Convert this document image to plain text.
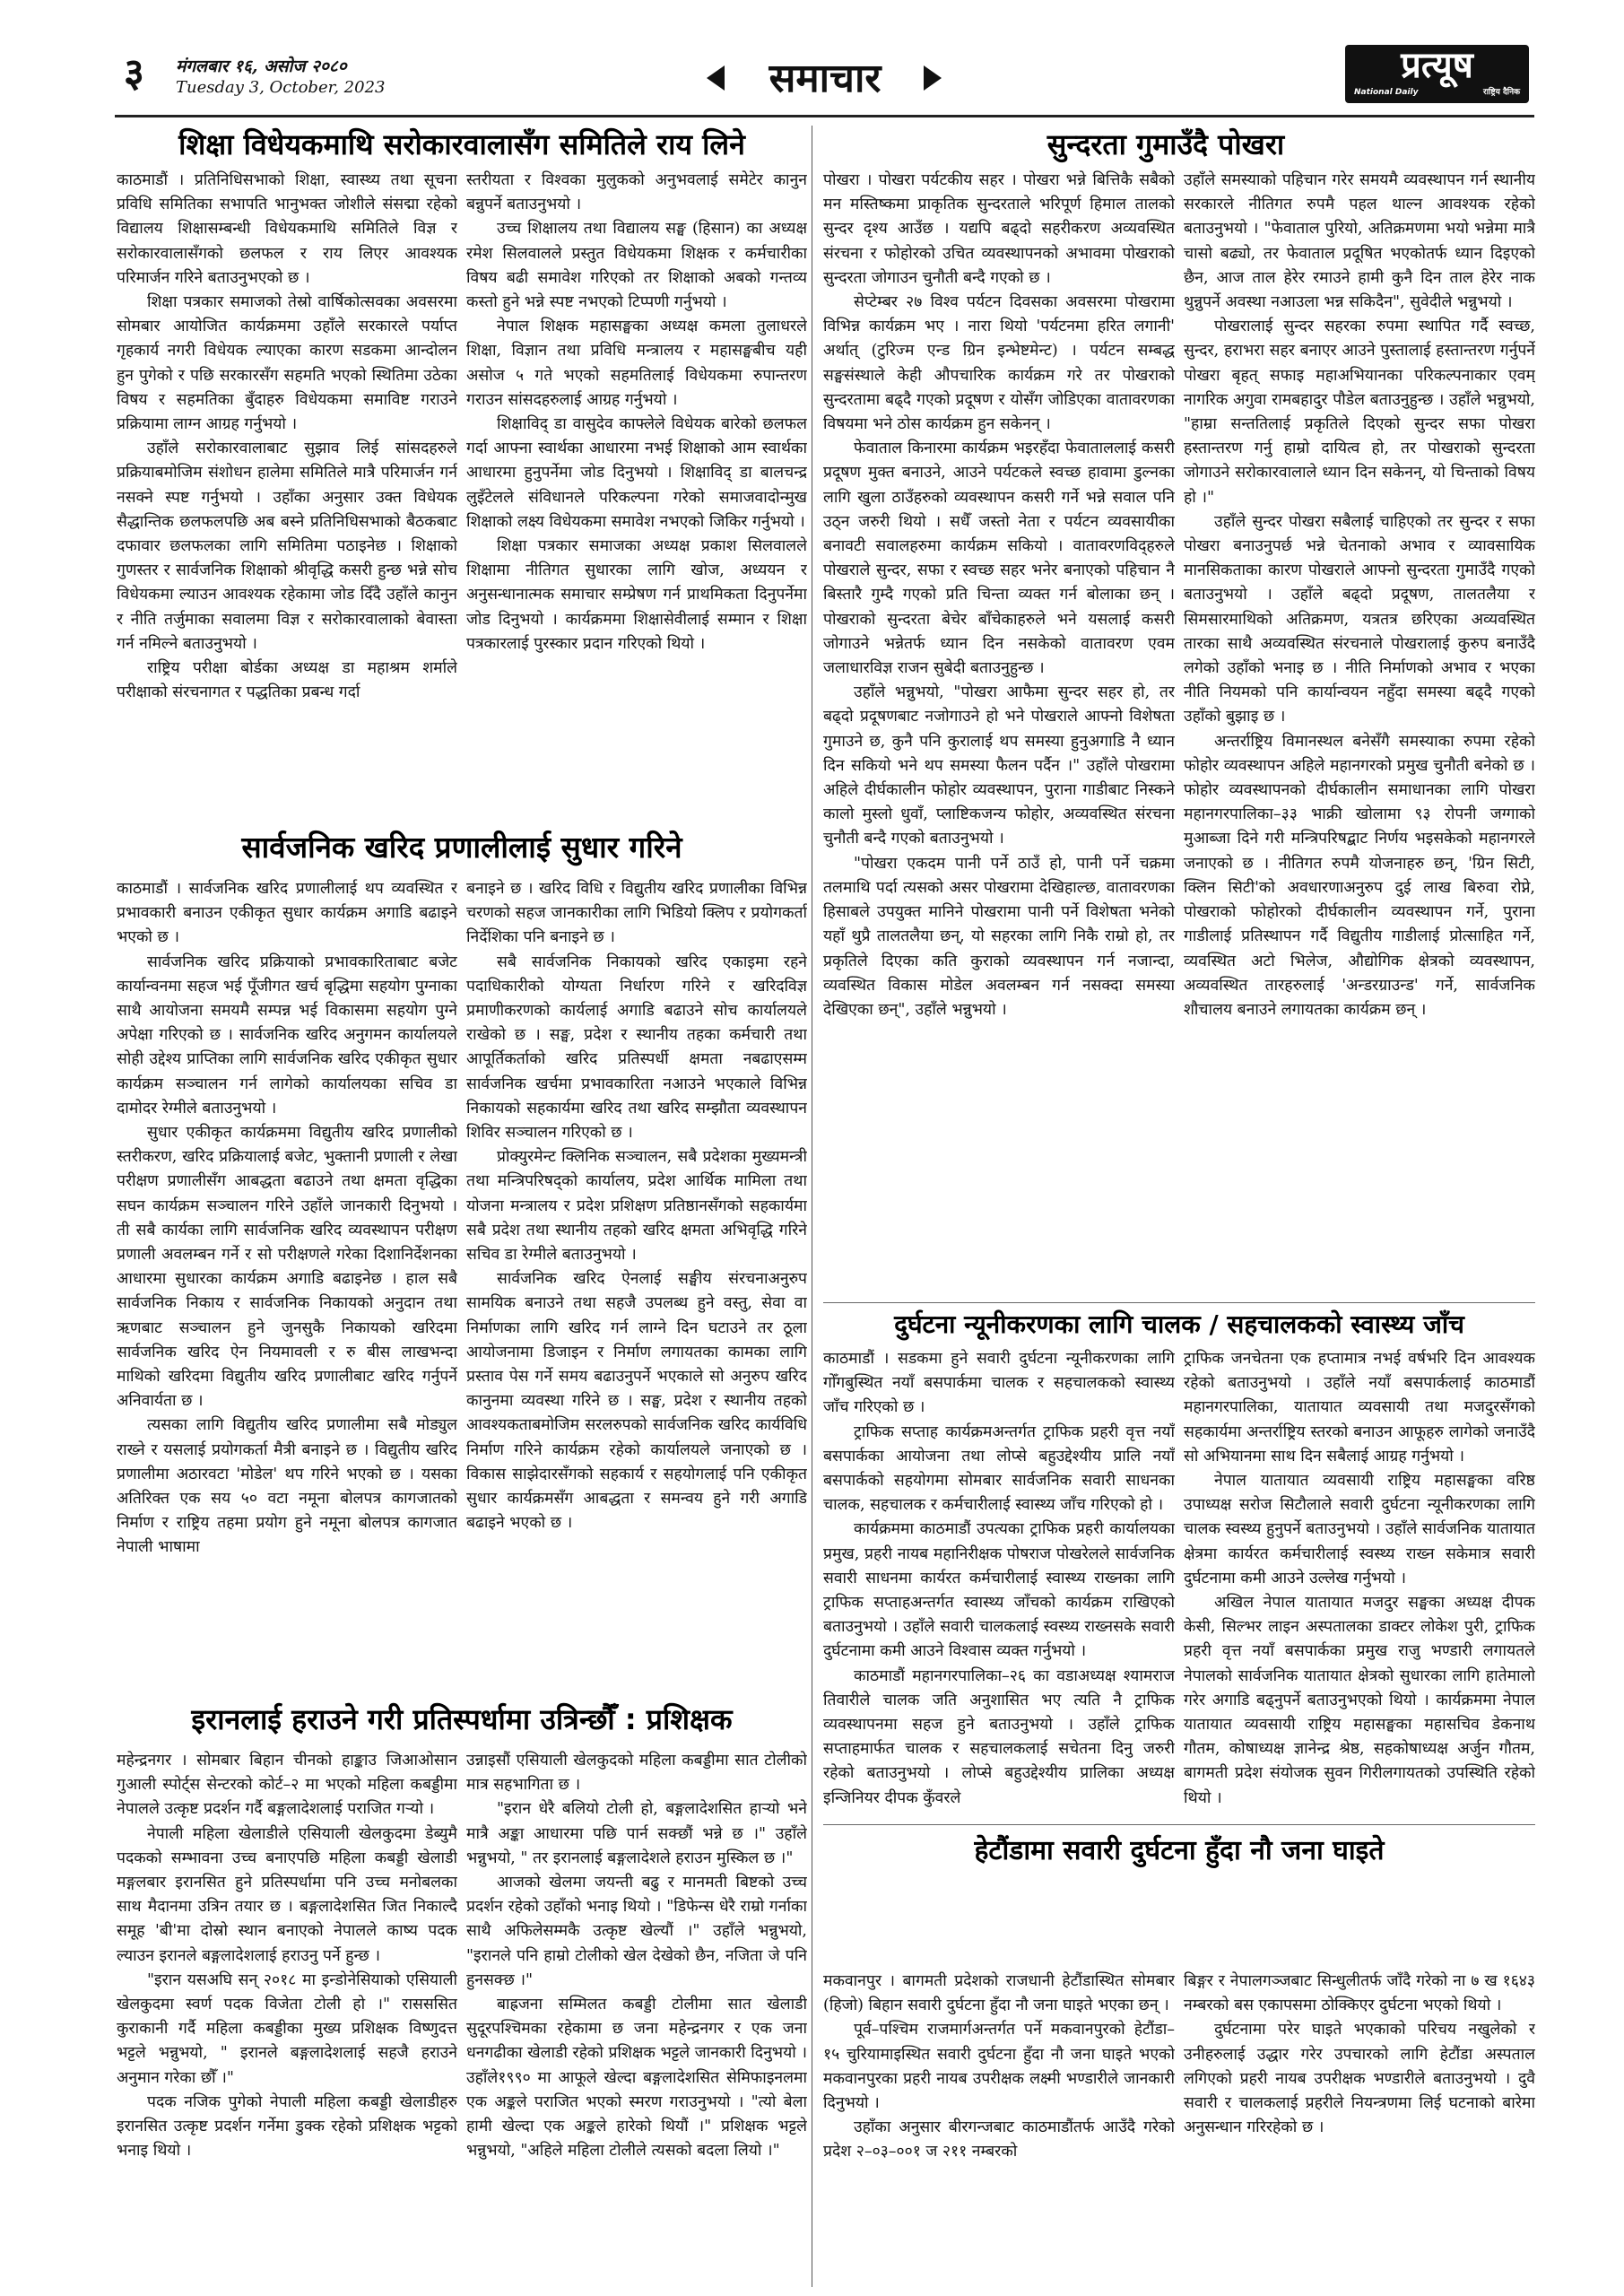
३ मंगलबार १६, असोज २०८०
Tuesday 3, October, 2023	समाचार	प्रत्यूष
National Daily	राष्ट्रिय दैनिक
शिक्षा विधेयकमाथि सरोकारवालासँग समितिले राय लिने

काठमाडौं । प्रतिनिधिसभाको शिक्षा, स्वास्थ्य तथा सूचना प्रविधि समितिका सभापति भानुभक्त जोशीले संसद्मा रहेको विद्यालय शिक्षासम्बन्धी विधेयकमाथि समितिले विज्ञ र सरोकारवालासँगको छलफल र राय लिएर आवश्यक परिमार्जन गरिने बताउनुभएको छ ।

शिक्षा पत्रकार समाजको तेस्रो वार्षिकोत्सवका अवसरमा सोमबार आयोजित कार्यक्रममा उहाँले सरकारले पर्याप्त गृहकार्य नगरी विधेयक ल्याएका कारण सडकमा आन्दोलन हुन पुगेको र पछि सरकारसँग सहमति भएको स्थितिमा उठेका विषय र सहमतिका बुँदाहरु विधेयकमा समाविष्ट गराउने प्रक्रियामा लाग्न आग्रह गर्नुभयो ।

उहाँले सरोकारवालाबाट सुझाव लिई सांसदहरुले प्रक्रियाबमोजिम संशोधन हालेमा समितिले मात्रै परिमार्जन गर्न नसक्ने स्पष्ट गर्नुभयो । उहाँका अनुसार उक्त विधेयक सैद्धान्तिक छलफलपछि अब बस्ने प्रतिनिधिसभाको बैठकबाट दफावार छलफलका लागि समितिमा पठाइनेछ । शिक्षाको गुणस्तर र सार्वजनिक शिक्षाको श्रीवृद्धि कसरी हुन्छ भन्ने सोच विधेयकमा ल्याउन आवश्यक रहेकामा जोड दिँदै उहाँले कानुन र नीति तर्जुमाका सवालमा विज्ञ र सरोकारवालाको बेवास्ता गर्न नमिल्ने बताउनुभयो ।

राष्ट्रिय परीक्षा बोर्डका अध्यक्ष डा महाश्रम शर्माले परीक्षाको संरचनागत र पद्धतिका प्रबन्ध गर्दा

स्तरीयता र विश्वका मुलुकको अनुभवलाई समेटेर कानुन बन्नुपर्ने बताउनुभयो ।

उच्च शिक्षालय तथा विद्यालय सङ्घ (हिसान) का अध्यक्ष रमेश सिलवालले प्रस्तुत विधेयकमा शिक्षक र कर्मचारीका विषय बढी समावेश गरिएको तर शिक्षाको अबको गन्तव्य कस्तो हुने भन्ने स्पष्ट नभएको टिप्पणी गर्नुभयो ।

नेपाल शिक्षक महासङ्घका अध्यक्ष कमला तुलाधरले शिक्षा, विज्ञान तथा प्रविधि मन्त्रालय र महासङ्घबीच यही असोज ५ गते भएको सहमतिलाई विधेयकमा रुपान्तरण गराउन सांसदहरुलाई आग्रह गर्नुभयो ।

शिक्षाविद् डा वासुदेव काफ्लेले विधेयक बारेको छलफल गर्दा आफ्ना स्वार्थका आधारमा नभई शिक्षाको आम स्वार्थका आधारमा हुनुपर्नेमा जोड दिनुभयो । शिक्षाविद् डा बालचन्द्र लुइँटेलले संविधानले परिकल्पना गरेको समाजवादोन्मुख शिक्षाको लक्ष्य विधेयकमा समावेश नभएको जिकिर गर्नुभयो ।

शिक्षा पत्रकार समाजका अध्यक्ष प्रकाश सिलवालले शिक्षामा नीतिगत सुधारका लागि खोज, अध्ययन र अनुसन्धानात्मक समाचार सम्प्रेषण गर्न प्राथमिकता दिनुपर्नेमा जोड दिनुभयो । कार्यक्रममा शिक्षासेवीलाई सम्मान र शिक्षा पत्रकारलाई पुरस्कार प्रदान गरिएको थियो ।

सार्वजनिक खरिद प्रणालीलाई सुधार गरिने

काठमाडौं । सार्वजनिक खरिद प्रणालीलाई थप व्यवस्थित र प्रभावकारी बनाउन एकीकृत सुधार कार्यक्रम अगाडि बढाइने भएको छ ।

सार्वजनिक खरिद प्रक्रियाको प्रभावकारिताबाट बजेट कार्यान्वनमा सहज भई पूँजीगत खर्च बृद्धिमा सहयोग पुग्नाका साथै आयोजना समयमै सम्पन्न भई विकासमा सहयोग पुग्ने अपेक्षा गरिएको छ । सार्वजनिक खरिद अनुगमन कार्यालयले सोही उद्देश्य प्राप्तिका लागि सार्वजनिक खरिद एकीकृत सुधार कार्यक्रम सञ्चालन गर्न लागेको कार्यालयका सचिव डा दामोदर रेग्मीले बताउनुभयो ।

सुधार एकीकृत कार्यक्रममा विद्युतीय खरिद प्रणालीको स्तरीकरण, खरिद प्रक्रियालाई बजेट, भुक्तानी प्रणाली र लेखा परीक्षण प्रणालीसँग आबद्धता बढाउने तथा क्षमता वृद्धिका सघन कार्यक्रम सञ्चालन गरिने उहाँले जानकारी दिनुभयो । ती सबै कार्यका लागि सार्वजनिक खरिद व्यवस्थापन परीक्षण प्रणाली अवलम्बन गर्ने र सो परीक्षणले गरेका दिशानिर्देशनका आधारमा सुधारका कार्यक्रम अगाडि बढाइनेछ । हाल सबै सार्वजनिक निकाय र सार्वजनिक निकायको अनुदान तथा ऋणबाट सञ्चालन हुने जुनसुकै निकायको खरिदमा सार्वजनिक खरिद ऐन नियमावली र रु बीस लाखभन्दा माथिको खरिदमा विद्युतीय खरिद प्रणालीबाट खरिद गर्नुपर्ने अनिवार्यता छ ।

त्यसका लागि विद्युतीय खरिद प्रणालीमा सबै मोड्युल राख्ने र यसलाई प्रयोगकर्ता मैत्री बनाइने छ । विद्युतीय खरिद प्रणालीमा अठारवटा 'मोडेल' थप गरिने भएको छ । यसका अतिरिक्त एक सय ५० वटा नमूना बोलपत्र कागजातको निर्माण र राष्ट्रिय तहमा प्रयोग हुने नमूना बोलपत्र कागजात नेपाली भाषामा

बनाइने छ । खरिद विधि र विद्युतीय खरिद प्रणालीका विभिन्न चरणको सहज जानकारीका लागि भिडियो क्लिप र प्रयोगकर्ता निर्देशिका पनि बनाइने छ ।

सबै सार्वजनिक निकायको खरिद एकाइमा रहने पदाधिकारीको योग्यता निर्धारण गरिने र खरिदविज्ञ प्रमाणीकरणको कार्यलाई अगाडि बढाउने सोच कार्यालयले राखेको छ । सङ्घ, प्रदेश र स्थानीय तहका कर्मचारी तथा आपूर्तिकर्ताको खरिद प्रतिस्पर्धी क्षमता नबढाएसम्म सार्वजनिक खर्चमा प्रभावकारिता नआउने भएकाले विभिन्न निकायको सहकार्यमा खरिद तथा खरिद सम्झौता व्यवस्थापन शिविर सञ्चालन गरिएको छ ।

प्रोक्युरमेन्ट क्लिनिक सञ्चालन, सबै प्रदेशका मुख्यमन्त्री तथा मन्त्रिपरिषद्को कार्यालय, प्रदेश आर्थिक मामिला तथा योजना मन्त्रालय र प्रदेश प्रशिक्षण प्रतिष्ठानसँगको सहकार्यमा सबै प्रदेश तथा स्थानीय तहको खरिद क्षमता अभिवृद्धि गरिने सचिव डा रेग्मीले बताउनुभयो ।

सार्वजनिक खरिद ऐनलाई सङ्घीय संरचनाअनुरुप सामयिक बनाउने तथा सहजै उपलब्ध हुने वस्तु, सेवा वा निर्माणका लागि खरिद गर्न लाग्ने दिन घटाउने तर ठूला आयोजनामा डिजाइन र निर्माण लगायतका कामका लागि प्रस्ताव पेस गर्ने समय बढाउनुपर्ने भएकाले सो अनुरुप खरिद कानुनमा व्यवस्था गरिने छ । सङ्घ, प्रदेश र स्थानीय तहको आवश्यकताबमोजिम सरलरुपको सार्वजनिक खरिद कार्यविधि निर्माण गरिने कार्यक्रम रहेको कार्यालयले जनाएको छ । विकास साझेदारसँगको सहकार्य र सहयोगलाई पनि एकीकृत सुधार कार्यक्रमसँग आबद्धता र समन्वय हुने गरी अगाडि बढाइने भएको छ ।

इरानलाई हराउने गरी प्रतिस्पर्धामा उत्रिन्छौँ : प्रशिक्षक

महेन्द्रनगर । सोमबार बिहान चीनको हाङ्काउ जिआओसान गुआली स्पोर्ट्स सेन्टरको कोर्ट–२ मा भएको महिला कबड्डीमा नेपालले उत्कृष्ट प्रदर्शन गर्दै बङ्गलादेशलाई पराजित गऱ्यो ।

नेपाली महिला खेलाडीले एसियाली खेलकुदमा डेब्युमै पदकको सम्भावना उच्च बनाएपछि महिला कबड्डी खेलाडी मङ्गलबार इरानसित हुने प्रतिस्पर्धामा पनि उच्च मनोबलका साथ मैदानमा उत्रिन तयार छ । बङ्गलादेशसित जित निकाल्दै समूह 'बी'मा दोस्रो स्थान बनाएको नेपालले काष्य पदक ल्याउन इरानले बङ्गलादेशलाई हराउनु पर्ने हुन्छ ।

"इरान यसअघि सन् २०१८ मा इन्डोनेसियाको एसियाली खेलकुदमा स्वर्ण पदक विजेता टोली हो ।" रासससित कुराकानी गर्दै महिला कबड्डीका मुख्य प्रशिक्षक विष्णुदत्त भट्टले भन्नुभयो, " इरानले बङ्गलादेशलाई सहजै हराउने अनुमान गरेका छौँ ।"

पदक नजिक पुगेको नेपाली महिला कबड्डी खेलाडीहरु इरानसित उत्कृष्ट प्रदर्शन गर्नेमा डुक्क रहेको प्रशिक्षक भट्टको भनाइ थियो ।

उन्नाइसौं एसियाली खेलकुदको महिला कबड्डीमा सात टोलीको मात्र सहभागिता छ ।

"इरान धेरै बलियो टोली हो, बङ्गलादेशसित हाऱ्यो भने मात्रै अङ्का आधारमा पछि पार्न सक्छौं भन्ने छ ।" उहाँले भन्नुभयो, " तर इरानलाई बङ्गलादेशले हराउन मुस्किल छ ।"

आजको खेलमा जयन्ती बढु र मानमती बिष्टको उच्च प्रदर्शन रहेको उहाँको भनाइ थियो । "डिफेन्स धेरै राम्रो गर्नाका साथै अफिलेसम्मकै उत्कृष्ट खेल्यौं ।" उहाँले भन्नुभयो, "इरानले पनि हाम्रो टोलीको खेल देखेको छैन, नजिता जे पनि हुनसक्छ ।"

बाह्रजना सम्मिलत कबड्डी टोलीमा सात खेलाडी सुदूरपश्चिमका रहेकामा छ जना महेन्द्रनगर र एक जना धनगढीका खेलाडी रहेको प्रशिक्षक भट्टले जानकारी दिनुभयो । उहाँले१९९० मा आफूले खेल्दा बङ्गलादेशसित सेमिफाइनलमा एक अङ्कले पराजित भएको स्मरण गराउनुभयो । "त्यो बेला हामी खेल्दा एक अङ्कले हारेको थियौं ।" प्रशिक्षक भट्टले भन्नुभयो, "अहिले महिला टोलीले त्यसको बदला लियो ।"

सुन्दरता गुमाउँदै पोखरा

पोखरा । पोखरा पर्यटकीय सहर । पोखरा भन्ने बित्तिकै सबैको मन मस्तिष्कमा प्राकृतिक सुन्दरताले भरिपूर्ण हिमाल तालको सुन्दर दृश्य आउँछ । यद्यपि बढ्दो सहरीकरण अव्यवस्थित संरचना र फोहोरको उचित व्यवस्थापनको अभावमा पोखराको सुन्दरता जोगाउन चुनौती बन्दै गएको छ ।

सेप्टेम्बर २७ विश्व पर्यटन दिवसका अवसरमा पोखरामा विभिन्न कार्यक्रम भए । नारा थियो 'पर्यटनमा हरित लगानी' अर्थात् (टुरिज्म एन्ड ग्रिन इन्भेष्टमेन्ट) । पर्यटन सम्बद्ध सङ्घसंस्थाले केही औपचारिक कार्यक्रम गरे तर पोखराको सुन्दरतामा बढ्दै गएको प्रदूषण र योसँग जोडिएका वातावरणका विषयमा भने ठोस कार्यक्रम हुन सकेनन् ।

फेवाताल किनारमा कार्यक्रम भइरहँदा फेवाताललाई कसरी प्रदूषण मुक्त बनाउने, आउने पर्यटकले स्वच्छ हावामा डुल्नका लागि खुला ठाउँहरुको व्यवस्थापन कसरी गर्ने भन्ने सवाल पनि उठ्न जरुरी थियो । सधैँ जस्तो नेता र पर्यटन व्यवसायीका बनावटी सवालहरुमा कार्यक्रम सकियो । वातावरणविद्हरुले पोखराले सुन्दर, सफा र स्वच्छ सहर भनेर बनाएको पहिचान नै बिस्तारै गुम्दै गएको प्रति चिन्ता व्यक्त गर्न बोलाका छन् । पोखराको सुन्दरता बेचेर बाँचेकाहरुले भने यसलाई कसरी जोगाउने भन्नेतर्फ ध्यान दिन नसकेको वातावरण एवम जलाधारविज्ञ राजन सुबेदी बताउनुहुन्छ ।

उहाँले भन्नुभयो, "पोखरा आफैमा सुन्दर सहर हो, तर बढ्दो प्रदूषणबाट नजोगाउने हो भने पोखराले आफ्नो विशेषता गुमाउने छ, कुनै पनि कुरालाई थप समस्या हुनुअगाडि नै ध्यान दिन सकियो भने थप समस्या फैलन पर्दैन ।" उहाँले पोखरामा अहिले दीर्घकालीन फोहोर व्यवस्थापन, पुराना गाडीबाट निस्कने कालो मुस्लो धुवाँ, प्लाष्टिकजन्य फोहोर, अव्यवस्थित संरचना चुनौती बन्दै गएको बताउनुभयो ।

"पोखरा एकदम पानी पर्ने ठाउँ हो, पानी पर्ने चक्रमा तलमाथि पर्दा त्यसको असर पोखरामा देखिहाल्छ, वातावरणका हिसाबले उपयुक्त मानिने पोखरामा पानी पर्ने विशेषता भनेको यहाँ थुप्रै तालतलैया छन्, यो सहरका लागि निकै राम्रो हो, तर प्रकृतिले दिएका कति कुराको व्यवस्थापन गर्न नजान्दा, व्यवस्थित विकास मोडेल अवलम्बन गर्न नसक्दा समस्या देखिएका छन्", उहाँले भन्नुभयो ।

उहाँले समस्याको पहिचान गरेर समयमै व्यवस्थापन गर्न स्थानीय सरकारले नीतिगत रुपमै पहल थाल्न आवश्यक रहेको बताउनुभयो । "फेवाताल पुरियो, अतिक्रमणमा भयो भन्नेमा मात्रै चासो बढ्यो, तर फेवाताल प्रदूषित भएकोतर्फ ध्यान दिइएको छैन, आज ताल हेरेर रमाउने हामी कुनै दिन ताल हेरेर नाक थुन्नुपर्ने अवस्था नआउला भन्न सकिदैन", सुवेदीले भन्नुभयो ।

पोखरालाई सुन्दर सहरका रुपमा स्थापित गर्दै स्वच्छ, सुन्दर, हराभरा सहर बनाएर आउने पुस्तालाई हस्तान्तरण गर्नुपर्ने पोखरा बृहत् सफाइ महाअभियानका परिकल्पनाकार एवम् नागरिक अगुवा रामबहादुर पौडेल बताउनुहुन्छ । उहाँले भन्नुभयो, "हाम्रा सन्ततिलाई प्रकृतिले दिएको सुन्दर सफा पोखरा हस्तान्तरण गर्नु हाम्रो दायित्व हो, तर पोखराको सुन्दरता जोगाउने सरोकारवालाले ध्यान दिन सकेनन्, यो चिन्ताको विषय हो ।"

उहाँले सुन्दर पोखरा सबैलाई चाहिएको तर सुन्दर र सफा पोखरा बनाउनुपर्छ भन्ने चेतनाको अभाव र व्यावसायिक मानसिकताका कारण पोखराले आफ्नो सुन्दरता गुमाउँदै गएको बताउनुभयो । उहाँले बढ्दो प्रदूषण, तालतलैया र सिमसारमाथिको अतिक्रमण, यत्रतत्र छरिएका अव्यवस्थित तारका साथै अव्यवस्थित संरचनाले पोखरालाई कुरुप बनाउँदै लगेको उहाँको भनाइ छ । नीति निर्माणको अभाव र भएका नीति नियमको पनि कार्यान्वयन नहुँदा समस्या बढ्दै गएको उहाँको बुझाइ छ ।

अन्तर्राष्ट्रिय विमानस्थल बनेसँगै समस्याका रुपमा रहेको फोहोर व्यवस्थापन अहिले महानगरको प्रमुख चुनौती बनेको छ । फोहोर व्यवस्थापनको दीर्घकालीन समाधानका लागि पोखरा महानगरपालिका–३३ भाक्री खोलामा ९३ रोपनी जग्गाको मुआब्जा दिने गरी मन्त्रिपरिषद्बाट निर्णय भइसकेको महानगरले जनाएको छ । नीतिगत रुपमै योजनाहरु छन्, 'ग्रिन सिटी, क्लिन सिटी'को अवधारणाअनुरुप दुई लाख बिरुवा रोप्ने, पोखराको फोहोरको दीर्घकालीन व्यवस्थापन गर्ने, पुराना गाडीलाई प्रतिस्थापन गर्दै विद्युतीय गाडीलाई प्रोत्साहित गर्ने, व्यवस्थित अटो भिलेज, औद्योगिक क्षेत्रको व्यवस्थापन, अव्यवस्थित तारहरुलाई 'अन्डरग्राउन्ड' गर्ने, सार्वजनिक शौचालय बनाउने लगायतका कार्यक्रम छन् ।

दुर्घटना न्यूनीकरणका लागि चालक / सहचालकको स्वास्थ्य जाँच

काठमाडौं । सडकमा हुने सवारी दुर्घटना न्यूनीकरणका लागि गोँगबुस्थित नयाँ बसपार्कमा चालक र सहचालकको स्वास्थ्य जाँच गरिएको छ ।

ट्राफिक सप्ताह कार्यक्रमअन्तर्गत ट्राफिक प्रहरी वृत्त नयाँ बसपार्कका आयोजना तथा लोप्से बहुउद्देश्यीय प्रालि नयाँ बसपार्कको सहयोगमा सोमबार सार्वजनिक सवारी साधनका चालक, सहचालक र कर्मचारीलाई स्वास्थ्य जाँच गरिएको हो ।

कार्यक्रममा काठमाडौं उपत्यका ट्राफिक प्रहरी कार्यालयका प्रमुख, प्रहरी नायब महानिरीक्षक पोषराज पोखरेलले सार्वजनिक सवारी साधनमा कार्यरत कर्मचारीलाई स्वास्थ्य राख्नका लागि ट्राफिक सप्ताहअन्तर्गत स्वास्थ्य जाँचको कार्यक्रम राखिएको बताउनुभयो । उहाँले सवारी चालकलाई स्वस्थ्य राख्नसके सवारी दुर्घटनामा कमी आउने विश्वास व्यक्त गर्नुभयो ।

काठमाडौं महानगरपालिका–२६ का वडाअध्यक्ष श्यामराज तिवारीले चालक जति अनुशासित भए त्यति नै ट्राफिक व्यवस्थापनमा सहज हुने बताउनुभयो । उहाँले ट्राफिक सप्ताहमार्फत चालक र सहचालकलाई सचेतना दिनु जरुरी रहेको बताउनुभयो । लोप्से बहुउद्देश्यीय प्रालिका अध्यक्ष इन्जिनियर दीपक कुँवरले

ट्राफिक जनचेतना एक हप्तामात्र नभई वर्षभरि दिन आवश्यक रहेको बताउनुभयो । उहाँले नयाँ बसपार्कलाई काठमाडौं महानगरपालिका, यातायात व्यवसायी तथा मजदुरसँगको सहकार्यमा अन्तर्राष्ट्रिय स्तरको बनाउन आफूहरु लागेको जनाउँदै सो अभियानमा साथ दिन सबैलाई आग्रह गर्नुभयो ।

नेपाल यातायात व्यवसायी राष्ट्रिय महासङ्घका वरिष्ठ उपाध्यक्ष सरोज सिटौलाले सवारी दुर्घटना न्यूनीकरणका लागि चालक स्वस्थ्य हुनुपर्ने बताउनुभयो । उहाँले सार्वजनिक यातायात क्षेत्रमा कार्यरत कर्मचारीलाई स्वस्थ्य राख्न सकेमात्र सवारी दुर्घटनामा कमी आउने उल्लेख गर्नुभयो ।

अखिल नेपाल यातायात मजदुर सङ्घका अध्यक्ष दीपक केसी, सिल्भर लाइन अस्पतालका डाक्टर लोकेश पुरी, ट्राफिक प्रहरी वृत्त नयाँ बसपार्कका प्रमुख राजु भण्डारी लगायतले नेपालको सार्वजनिक यातायात क्षेत्रको सुधारका लागि हातेमालो गरेर अगाडि बढ्नुपर्ने बताउनुभएको थियो । कार्यक्रममा नेपाल यातायात व्यवसायी राष्ट्रिय महासङ्घका महासचिव डेकनाथ गौतम, कोषाध्यक्ष ज्ञानेन्द्र श्रेष्ठ, सहकोषाध्यक्ष अर्जुन गौतम, बागमती प्रदेश संयोजक सुवन गिरीलगायतको उपस्थिति रहेको थियो ।

हेटौंडामा सवारी दुर्घटना हुँदा नौ जना घाइते

मकवानपुर । बागमती प्रदेशको राजधानी हेटौंडास्थित सोमबार (हिजो) बिहान सवारी दुर्घटना हुँदा नौ जना घाइते भएका छन् ।

पूर्व–पश्चिम राजमार्गअन्तर्गत पर्ने मकवानपुरको हेटौंडा–१५ चुरियामाइस्थित सवारी दुर्घटना हुँदा नौ जना घाइते भएको मकवानपुरका प्रहरी नायब उपरीक्षक लक्ष्मी भण्डारीले जानकारी दिनुभयो ।

उहाँका अनुसार बीरगन्जबाट काठमाडौंतर्फ आउँदै गरेको प्रदेश २–०३–००१ ज २११ नम्बरको

बिङ्गर र नेपालगञ्जबाट सिन्धुलीतर्फ जाँदै गरेको ना ७ ख १६४३ नम्बरको बस एकापसमा ठोक्किएर दुर्घटना भएको थियो ।

दुर्घटनामा परेर घाइते भएकाको परिचय नखुलेको र उनीहरुलाई उद्धार गरेर उपचारको लागि हेटौंडा अस्पताल लगिएको प्रहरी नायब उपरीक्षक भण्डारीले बताउनुभयो । दुवै सवारी र चालकलाई प्रहरीले नियन्त्रणमा लिई घटनाको बारेमा अनुसन्धान गरिरहेको छ ।
